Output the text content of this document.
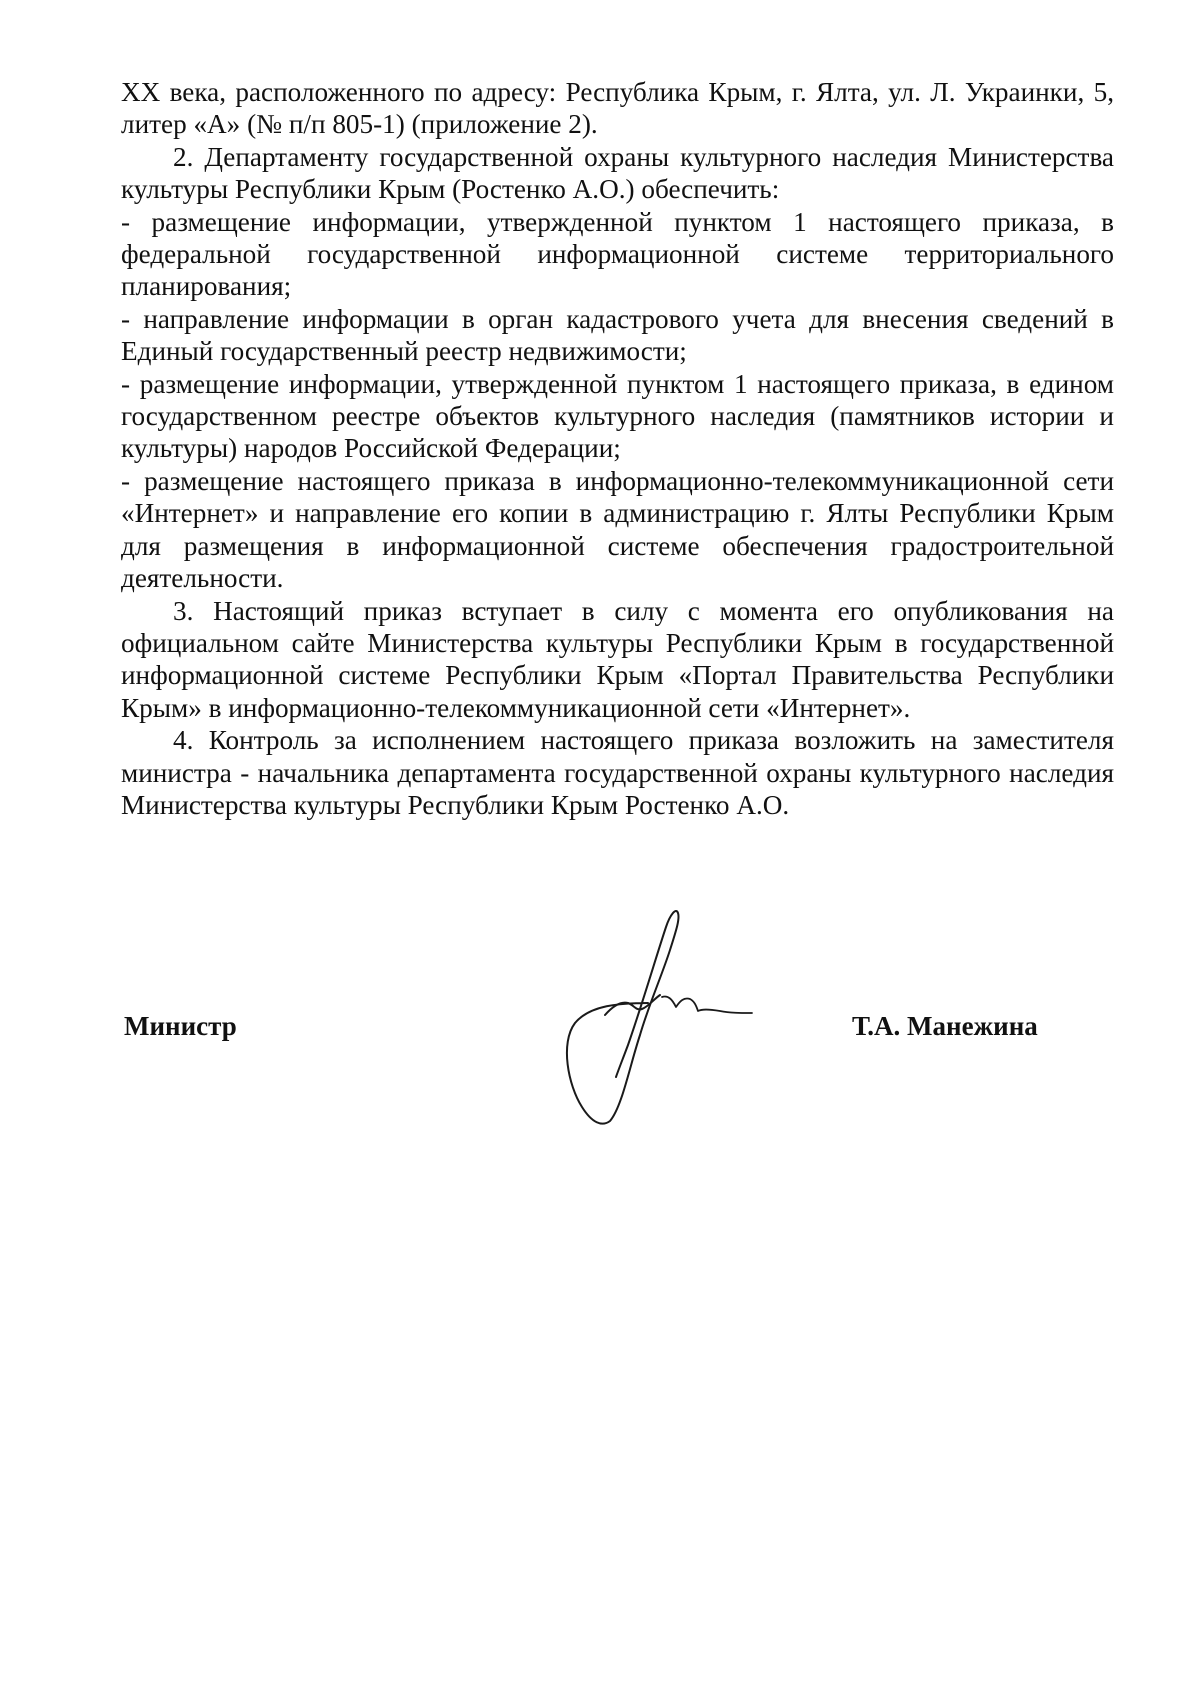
XX века, расположенного по адресу: Республика Крым, г. Ялта, ул. Л. Украинки, 5, литер «А» (№ п/п 805-1) (приложение 2).

2. Департаменту государственной охраны культурного наследия Министерства культуры Республики Крым (Ростенко А.О.) обеспечить:

- размещение информации, утвержденной пунктом 1 настоящего приказа, в федеральной государственной информационной системе территориального планирования;

- направление информации в орган кадастрового учета для внесения сведений в Единый государственный реестр недвижимости;

- размещение информации, утвержденной пунктом 1 настоящего приказа, в едином государственном реестре объектов культурного наследия (памятников истории и культуры) народов Российской Федерации;

- размещение настоящего приказа в информационно-телекоммуникационной сети «Интернет» и направление его копии в администрацию г. Ялты Республики Крым для размещения в информационной системе обеспечения градостроительной деятельности.

3. Настоящий приказ вступает в силу с момента его опубликования на официальном сайте Министерства культуры Республики Крым в государственной информационной системе Республики Крым «Портал Правительства Республики Крым» в информационно-телекоммуникационной сети «Интернет».

4. Контроль за исполнением настоящего приказа возложить на заместителя министра - начальника департамента государственной охраны культурного наследия Министерства культуры Республики Крым Ростенко А.О.

Министр	Т.А. Манежина
